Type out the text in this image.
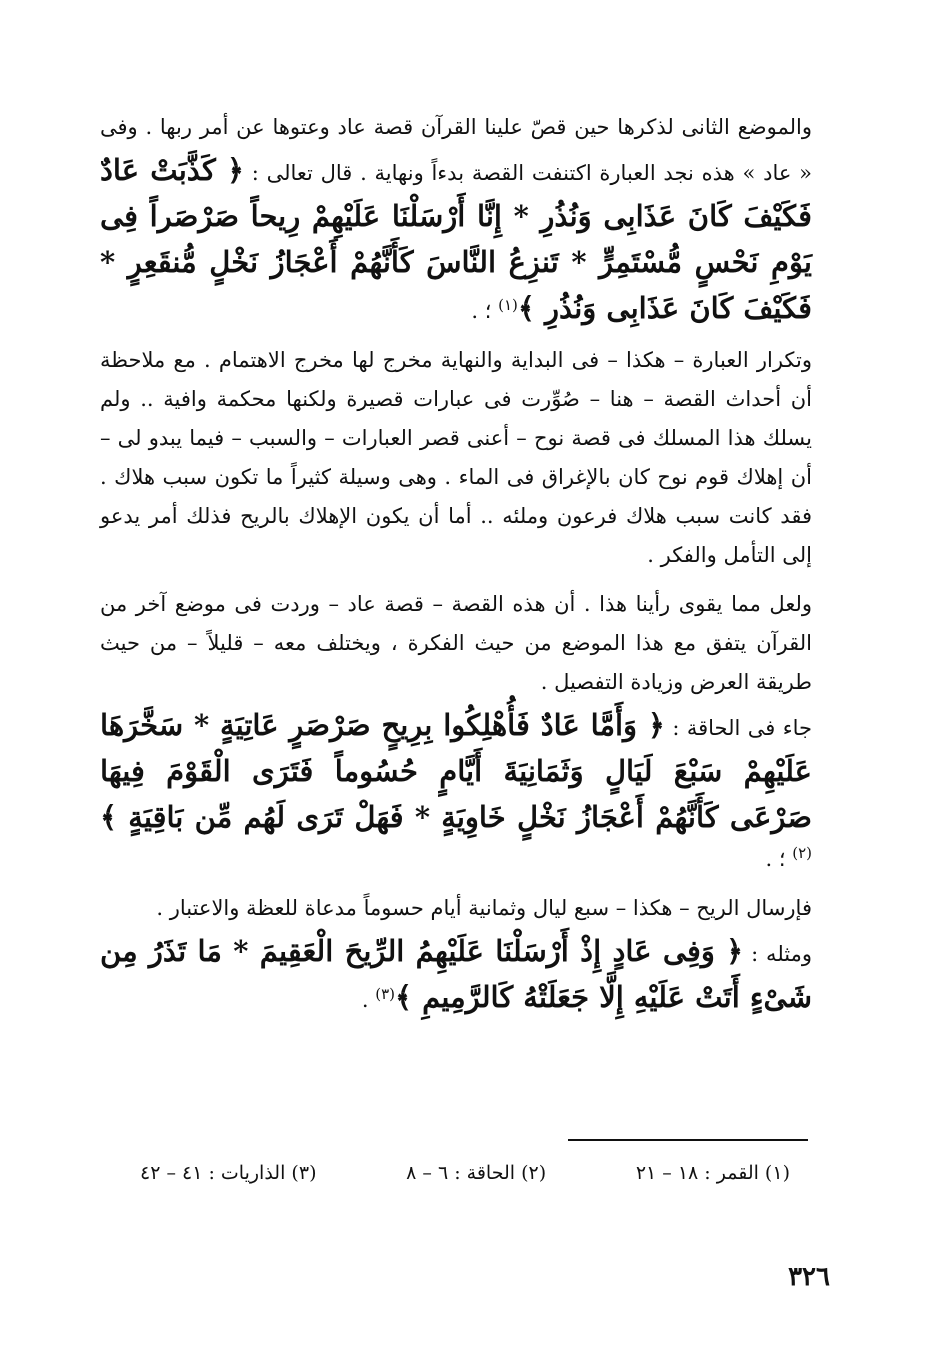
والموضع الثانى لذكرها حين قصّ علينا القرآن قصة عاد وعتوها عن أمر ربها . وفى « عاد » هذه نجد العبارة اكتنفت القصة بدءاً ونهاية . قال تعالى : ﴿ كَذَّبَتْ عَادٌ فَكَيْفَ كَانَ عَذَابِى وَنُذُرِ * إِنَّا أَرْسَلْنَا عَلَيْهِمْ رِيحاً صَرْصَراً فِى يَوْمِ نَحْسٍ مُّسْتَمِرٍّ * تَنزِعُ النَّاسَ كَأَنَّهُمْ أَعْجَازُ نَخْلٍ مُّنقَعِرٍ * فَكَيْفَ كَانَ عَذَابِى وَنُذُرِ ﴾$^{(١)}$ ؛ .

وتكرار العبارة – هكذا – فى البداية والنهاية مخرج لها مخرج الاهتمام . مع ملاحظة أن أحداث القصة – هنا – صُوِّرت فى عبارات قصيرة ولكنها محكمة وافية .. ولم يسلك هذا المسلك فى قصة نوح – أعنى قصر العبارات – والسبب – فيما يبدو لى – أن إهلاك قوم نوح كان بالإغراق فى الماء . وهى وسيلة كثيراً ما تكون سبب هلاك . فقد كانت سبب هلاك فرعون وملئه .. أما أن يكون الإهلاك بالريح فذلك أمر يدعو إلى التأمل والفكر .

ولعل مما يقوى رأينا هذا . أن هذه القصة – قصة عاد – وردت فى موضع آخر من القرآن يتفق مع هذا الموضع من حيث الفكرة ، ويختلف معه – قليلاً – من حيث طريقة العرض وزيادة التفصيل .

جاء فى الحاقة : ﴿ وَأَمَّا عَادٌ فَأُهْلِكُوا بِرِيحٍ صَرْصَرٍ عَاتِيَةٍ * سَخَّرَهَا عَلَيْهِمْ سَبْعَ لَيَالٍ وَثَمَانِيَةَ أَيَّامٍ حُسُوماً فَتَرَى الْقَوْمَ فِيهَا صَرْعَى كَأَنَّهُمْ أَعْجَازُ نَخْلٍ خَاوِيَةٍ * فَهَلْ تَرَى لَهُم مِّن بَاقِيَةٍ ﴾$^{(٢)}$ ؛ .

فإرسال الريح – هكذا – سبع ليال وثمانية أيام حسوماً مدعاة للعظة والاعتبار .

ومثله : ﴿ وَفِى عَادٍ إِذْ أَرْسَلْنَا عَلَيْهِمُ الرِّيحَ الْعَقِيمَ * مَا تَذَرُ مِن شَىْءٍ أَتَتْ عَلَيْهِ إِلَّا جَعَلَتْهُ كَالرَّمِيمِ ﴾$^{(٣)}$ .

(١) القمر : ١٨ – ٢١
(٢) الحاقة : ٦ – ٨
(٣) الذاريات : ٤١ – ٤٢
٣٢٦
